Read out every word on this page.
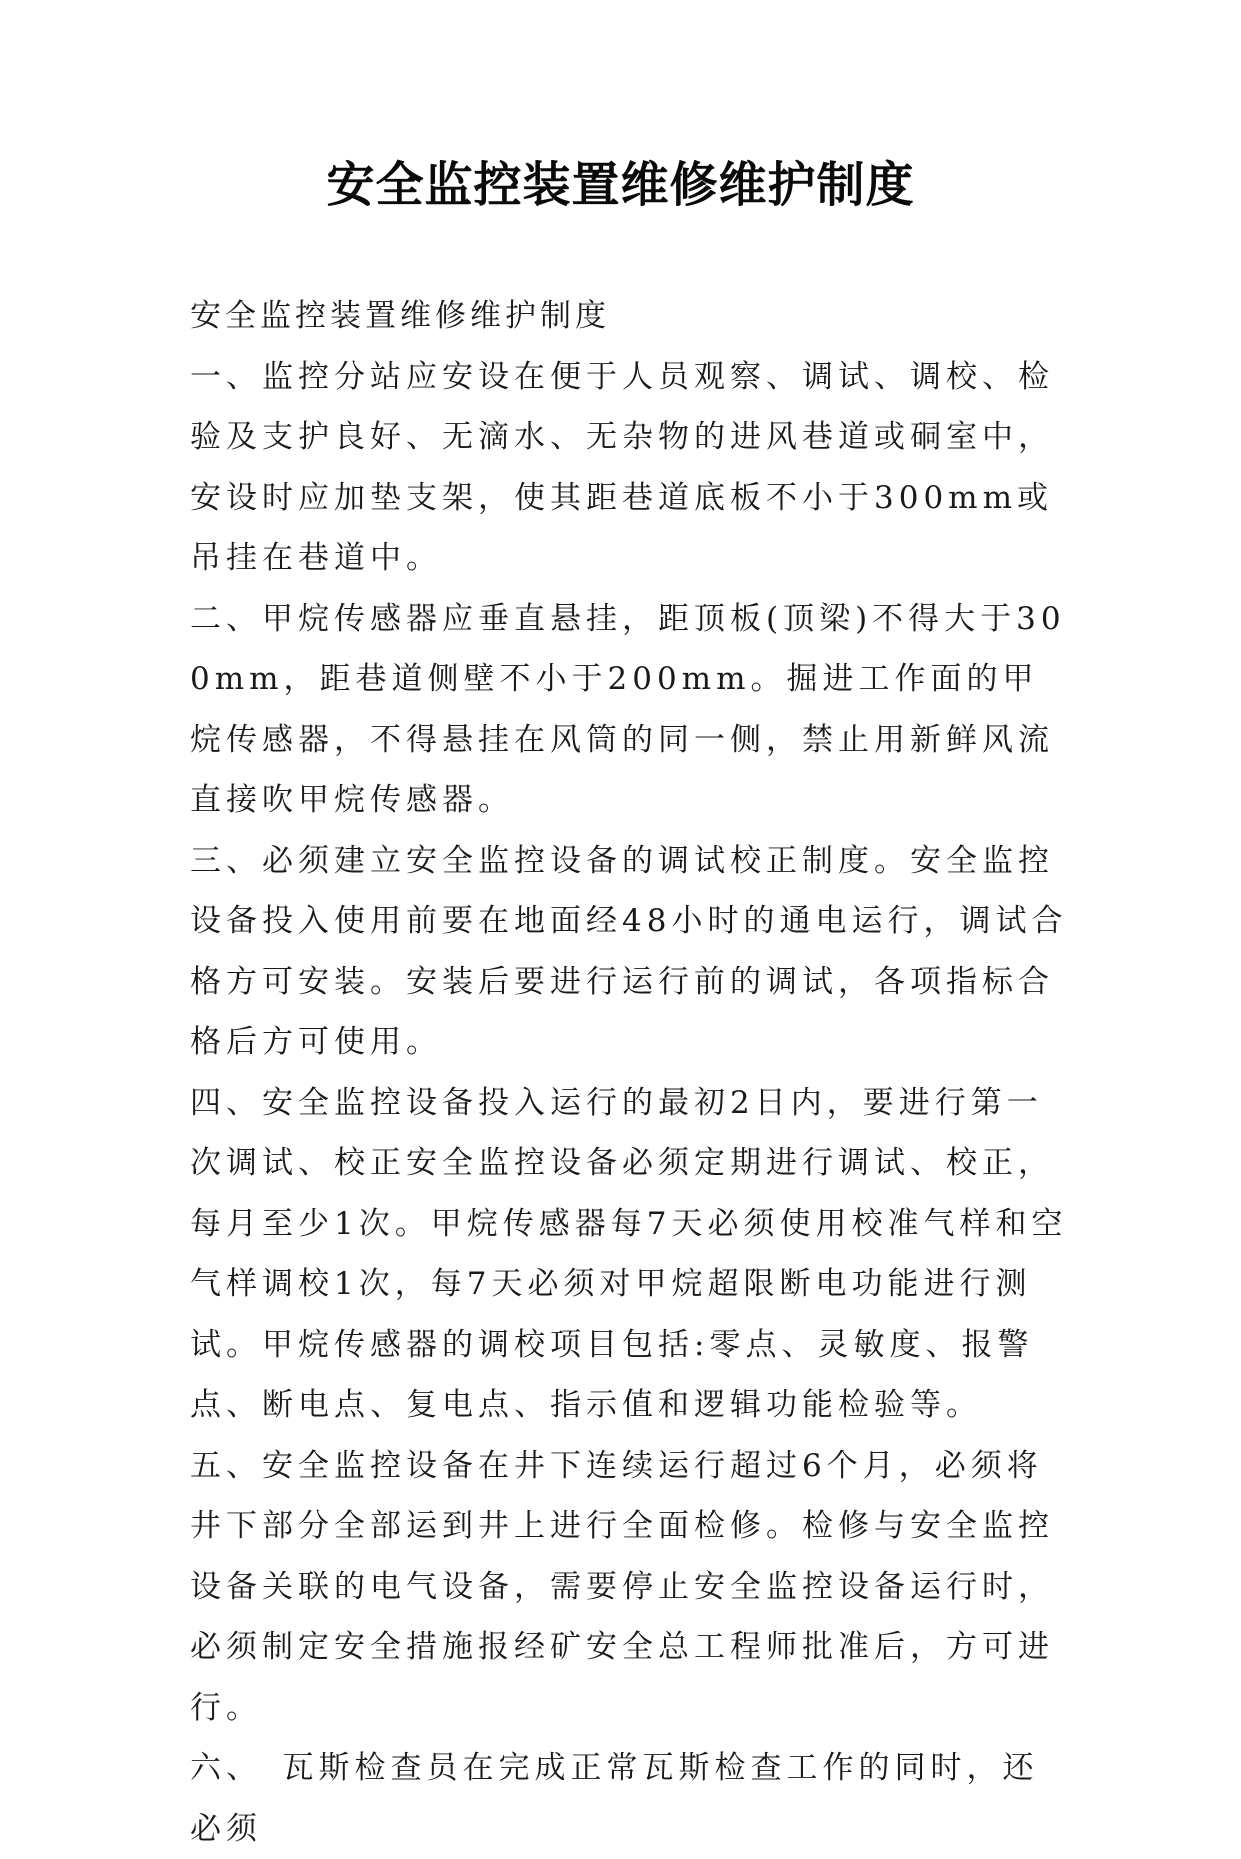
安全监控装置维修维护制度

安全监控装置维修维护制度

一、监控分站应安设在便于人员观察、调试、调校、检验及支护良好、无滴水、无杂物的进风巷道或硐室中，安设时应加垫支架，使其距巷道底板不小于300mm或吊挂在巷道中。

二、甲烷传感器应垂直悬挂，距顶板(顶梁)不得大于300mm，距巷道侧壁不小于200mm。掘进工作面的甲烷传感器，不得悬挂在风筒的同一侧，禁止用新鲜风流直接吹甲烷传感器。

三、必须建立安全监控设备的调试校正制度。安全监控设备投入使用前要在地面经48小时的通电运行，调试合格方可安装。安装后要进行运行前的调试，各项指标合格后方可使用。

四、安全监控设备投入运行的最初2日内，要进行第一次调试、校正安全监控设备必须定期进行调试、校正，每月至少1次。甲烷传感器每7天必须使用校准气样和空气样调校1次，每7天必须对甲烷超限断电功能进行测试。甲烷传感器的调校项目包括:零点、灵敏度、报警点、断电点、复电点、指示值和逻辑功能检验等。

五、安全监控设备在井下连续运行超过6个月，必须将井下部分全部运到井上进行全面检修。检修与安全监控设备关联的电气设备，需要停止安全监控设备运行时，必须制定安全措施报经矿安全总工程师批准后，方可进行。

六、　瓦斯检查员在完成正常瓦斯检查工作的同时，还必须
